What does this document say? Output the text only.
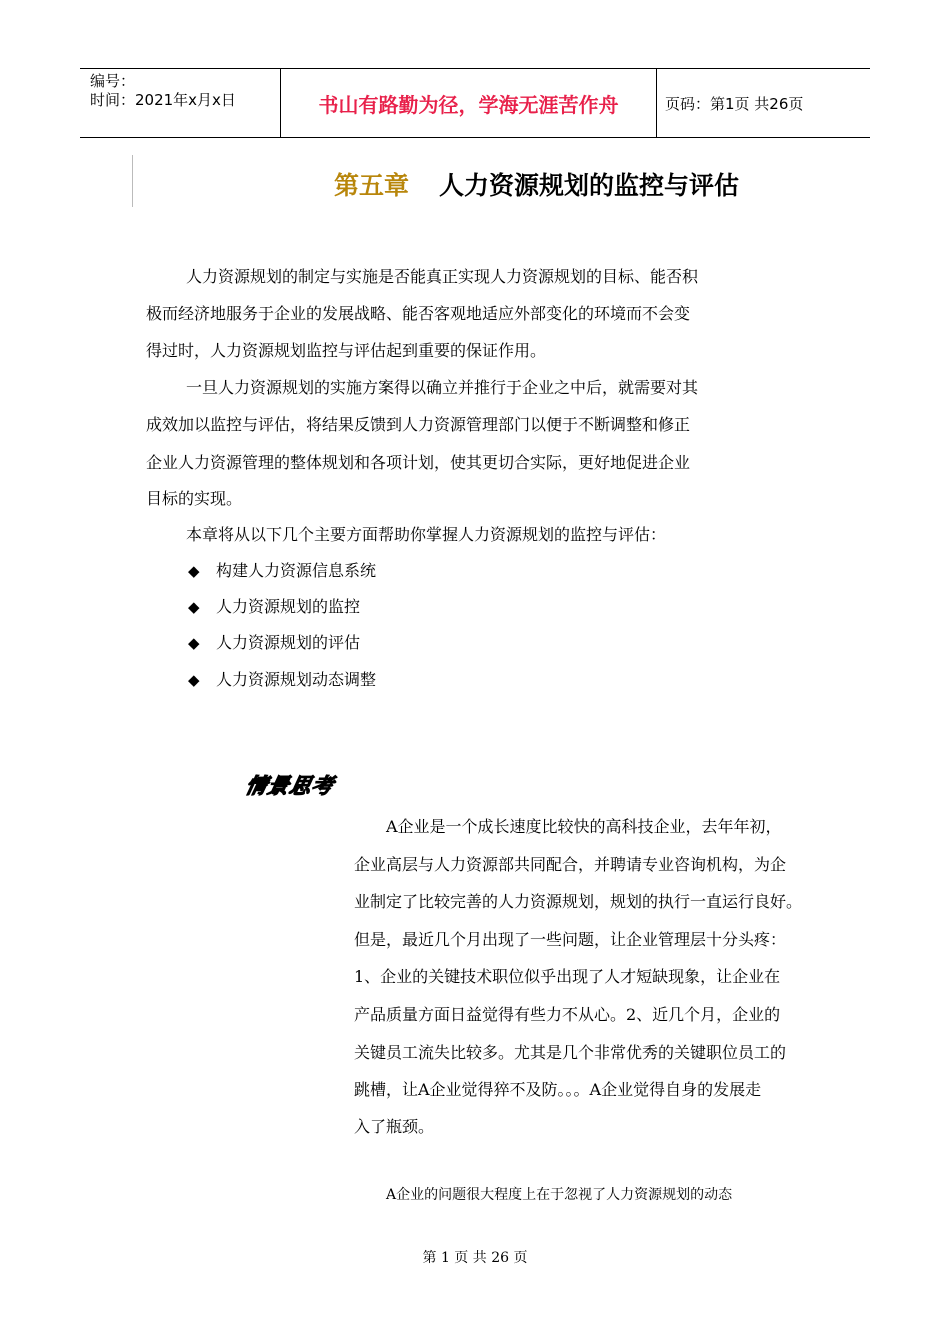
编号：
时间：2021年x月x日	书山有路勤为径，学海无涯苦作舟	页码：第1页 共26页
第五章 人力资源规划的监控与评估
人力资源规划的制定与实施是否能真正实现人力资源规划的目标、能否积
极而经济地服务于企业的发展战略、能否客观地适应外部变化的环境而不会变
得过时，人力资源规划监控与评估起到重要的保证作用。
一旦人力资源规划的实施方案得以确立并推行于企业之中后，就需要对其
成效加以监控与评估，将结果反馈到人力资源管理部门以便于不断调整和修正
企业人力资源管理的整体规划和各项计划，使其更切合实际，更好地促进企业
目标的实现。
本章将从以下几个主要方面帮助你掌握人力资源规划的监控与评估：
◆ 构建人力资源信息系统
◆ 人力资源规划的监控
◆ 人力资源规划的评估
◆ 人力资源规划动态调整
情景思考
A企业是一个成长速度比较快的高科技企业，去年年初，
企业高层与人力资源部共同配合，并聘请专业咨询机构，为企
业制定了比较完善的人力资源规划，规划的执行一直运行良好。
但是，最近几个月出现了一些问题，让企业管理层十分头疼：
1、企业的关键技术职位似乎出现了人才短缺现象，让企业在
产品质量方面日益觉得有些力不从心。2、近几个月，企业的
关键员工流失比较多。尤其是几个非常优秀的关键职位员工的
跳槽，让A企业觉得猝不及防。。。A企业觉得自身的发展走
入了瓶颈。
A企业的问题很大程度上在于忽视了人力资源规划的动态
第 1 页 共 26 页
